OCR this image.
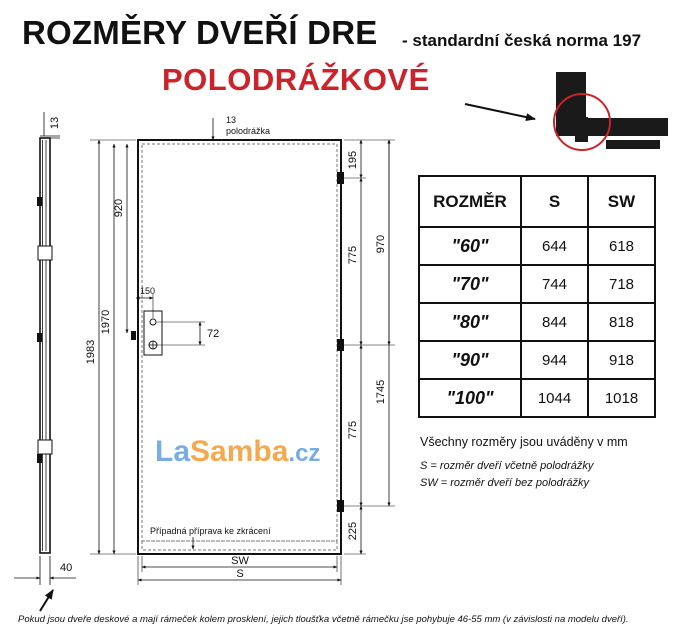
ROZMĚRY DVEŘÍ DRE - standardní česká norma 197
POLODRÁŽKOVÉ
13
40
13
polodrážka
1983
1970
920
150
72
195
775
775
225
970
1745
Případná příprava ke zkrácení
SW
S
LaSamba.cz
ROZMĚR	S	SW
"60"	644	618
"70"	744	718
"80"	844	818
"90"	944	918
"100"	1044	1018
Všechny rozměry jsou uváděny v mm
S = rozměr dveří včetně polodrážky
SW = rozměr dveří bez polodrážky
Pokud jsou dveře deskové a mají rámeček kolem prosklení, jejich tloušťka včetně rámečku jse pohybuje 46-55 mm (v závislosti na modelu dveří).
